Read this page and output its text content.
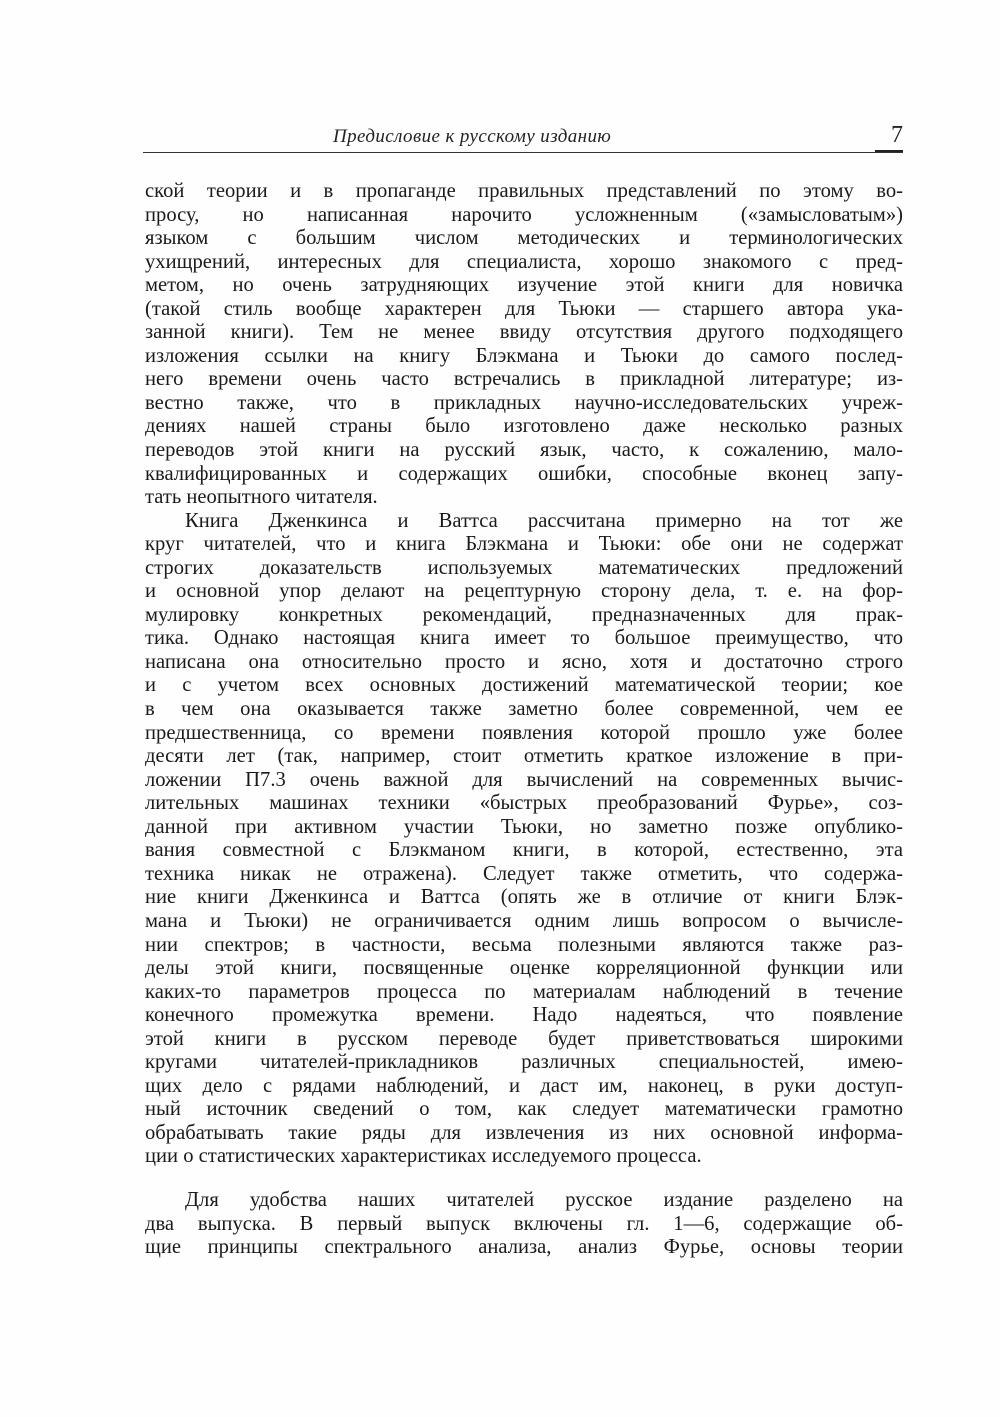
Предисловие к русскому изданию	7
ской теории и в пропаганде правильных представлений по этому во-
просу, но написанная нарочито усложненным («замысловатым»)
языком с большим числом методических и терминологических
ухищрений, интересных для специалиста, хорошо знакомого с пред-
метом, но очень затрудняющих изучение этой книги для новичка
(такой стиль вообще характерен для Тьюки — старшего автора ука-
занной книги). Тем не менее ввиду отсутствия другого подходящего
изложения ссылки на книгу Блэкмана и Тьюки до самого послед-
него времени очень часто встречались в прикладной литературе; из-
вестно также, что в прикладных научно-исследовательских учреж-
дениях нашей страны было изготовлено даже несколько разных
переводов этой книги на русский язык, часто, к сожалению, мало-
квалифицированных и содержащих ошибки, способные вконец запу-
тать неопытного читателя.
Книга Дженкинса и Ваттса рассчитана примерно на тот же
круг читателей, что и книга Блэкмана и Тьюки: обе они не содержат
строгих доказательств используемых математических предложений
и основной упор делают на рецептурную сторону дела, т. е. на фор-
мулировку конкретных рекомендаций, предназначенных для прак-
тика. Однако настоящая книга имеет то большое преимущество, что
написана она относительно просто и ясно, хотя и достаточно строго
и с учетом всех основных достижений математической теории; кое
в чем она оказывается также заметно более современной, чем ее
предшественница, со времени появления которой прошло уже более
десяти лет (так, например, стоит отметить краткое изложение в при-
ложении П7.3 очень важной для вычислений на современных вычис-
лительных машинах техники «быстрых преобразований Фурье», соз-
данной при активном участии Тьюки, но заметно позже опублико-
вания совместной с Блэкманом книги, в которой, естественно, эта
техника никак не отражена). Следует также отметить, что содержа-
ние книги Дженкинса и Ваттса (опять же в отличие от книги Блэк-
мана и Тьюки) не ограничивается одним лишь вопросом о вычисле-
нии спектров; в частности, весьма полезными являются также раз-
делы этой книги, посвященные оценке корреляционной функции или
каких-то параметров процесса по материалам наблюдений в течение
конечного промежутка времени. Надо надеяться, что появление
этой книги в русском переводе будет приветствоваться широкими
кругами читателей-прикладников различных специальностей, имею-
щих дело с рядами наблюдений, и даст им, наконец, в руки доступ-
ный источник сведений о том, как следует математически грамотно
обрабатывать такие ряды для извлечения из них основной информа-
ции о статистических характеристиках исследуемого процесса.
Для удобства наших читателей русское издание разделено на
два выпуска. В первый выпуск включены гл. 1—6, содержащие об-
щие принципы спектрального анализа, анализ Фурье, основы теории
